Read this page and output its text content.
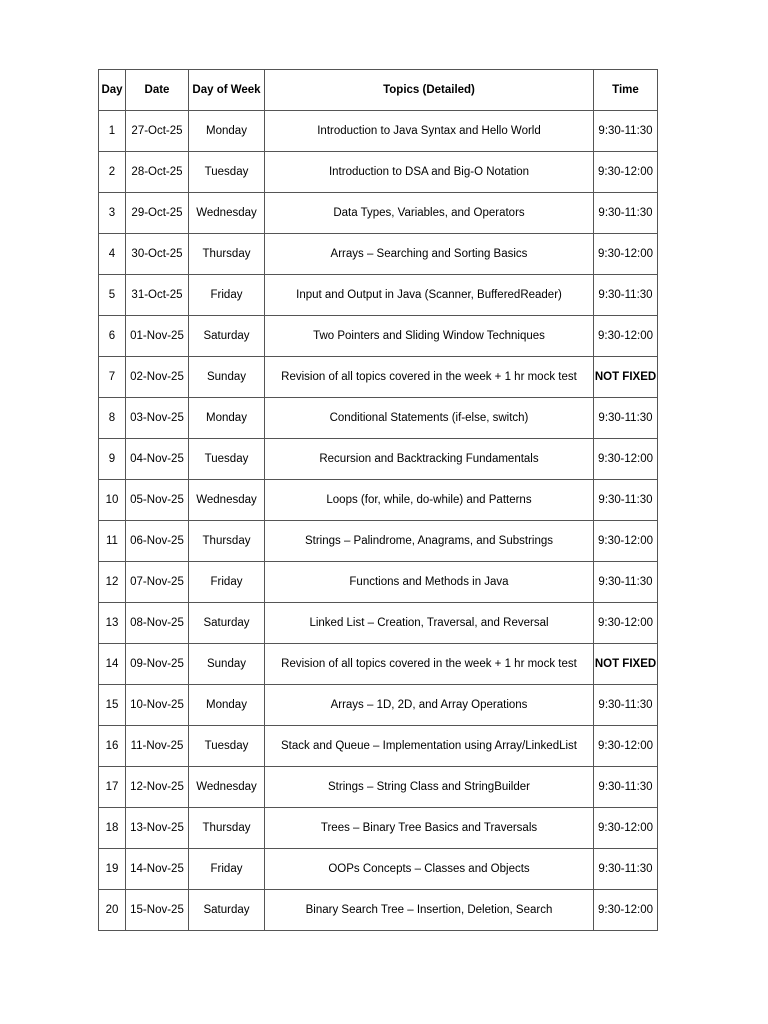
Day	Date	Day of Week	Topics (Detailed)	Time
1	27-Oct-25	Monday	Introduction to Java Syntax and Hello World	9:30-11:30
2	28-Oct-25	Tuesday	Introduction to DSA and Big-O Notation	9:30-12:00
3	29-Oct-25	Wednesday	Data Types, Variables, and Operators	9:30-11:30
4	30-Oct-25	Thursday	Arrays – Searching and Sorting Basics	9:30-12:00
5	31-Oct-25	Friday	Input and Output in Java (Scanner, BufferedReader)	9:30-11:30
6	01-Nov-25	Saturday	Two Pointers and Sliding Window Techniques	9:30-12:00
7	02-Nov-25	Sunday	Revision of all topics covered in the week + 1 hr mock test	NOT FIXED
8	03-Nov-25	Monday	Conditional Statements (if-else, switch)	9:30-11:30
9	04-Nov-25	Tuesday	Recursion and Backtracking Fundamentals	9:30-12:00
10	05-Nov-25	Wednesday	Loops (for, while, do-while) and Patterns	9:30-11:30
11	06-Nov-25	Thursday	Strings – Palindrome, Anagrams, and Substrings	9:30-12:00
12	07-Nov-25	Friday	Functions and Methods in Java	9:30-11:30
13	08-Nov-25	Saturday	Linked List – Creation, Traversal, and Reversal	9:30-12:00
14	09-Nov-25	Sunday	Revision of all topics covered in the week + 1 hr mock test	NOT FIXED
15	10-Nov-25	Monday	Arrays – 1D, 2D, and Array Operations	9:30-11:30
16	11-Nov-25	Tuesday	Stack and Queue – Implementation using Array/LinkedList	9:30-12:00
17	12-Nov-25	Wednesday	Strings – String Class and StringBuilder	9:30-11:30
18	13-Nov-25	Thursday	Trees – Binary Tree Basics and Traversals	9:30-12:00
19	14-Nov-25	Friday	OOPs Concepts – Classes and Objects	9:30-11:30
20	15-Nov-25	Saturday	Binary Search Tree – Insertion, Deletion, Search	9:30-12:00
